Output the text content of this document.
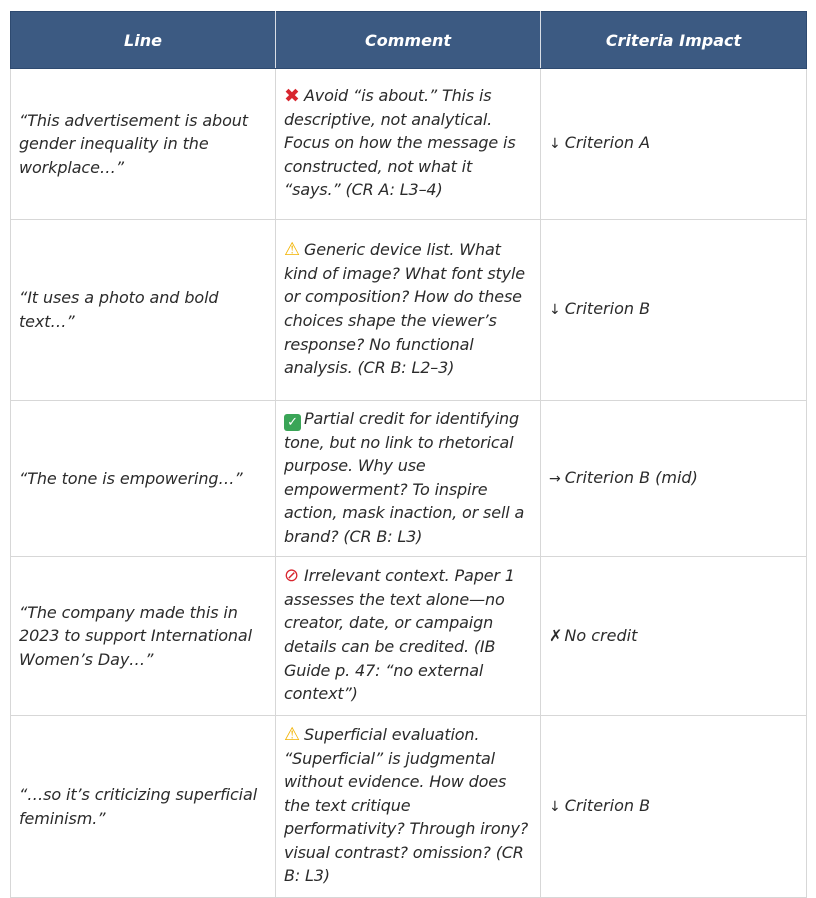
Line	Comment	Criteria Impact
“This advertisement is about gender inequality in the workplace…”	✖ Avoid “is about.” This is descriptive, not analytical. Focus on how the message is constructed, not what it “says.” (CR A: L3–4)	↓ Criterion A
“It uses a photo and bold text…”	⚠ Generic device list. What kind of image? What font style or composition? How do these choices shape the viewer’s response? No functional analysis. (CR B: L2–3)	↓ Criterion B
“The tone is empowering…”	✓ Partial credit for identifying tone, but no link to rhetorical purpose. Why use empowerment? To inspire action, mask inaction, or sell a brand? (CR B: L3)	→ Criterion B (mid)
“The company made this in 2023 to support International Women’s Day…”	⊘ Irrelevant context. Paper 1 assesses the text alone—no creator, date, or campaign details can be credited. (IB Guide p. 47: “no external context”)	✗ No credit
“…so it’s criticizing superficial feminism.”	⚠ Superficial evaluation. “Superficial” is judgmental without evidence. How does the text critique performativity? Through irony? visual contrast? omission? (CR B: L3)	↓ Criterion B
